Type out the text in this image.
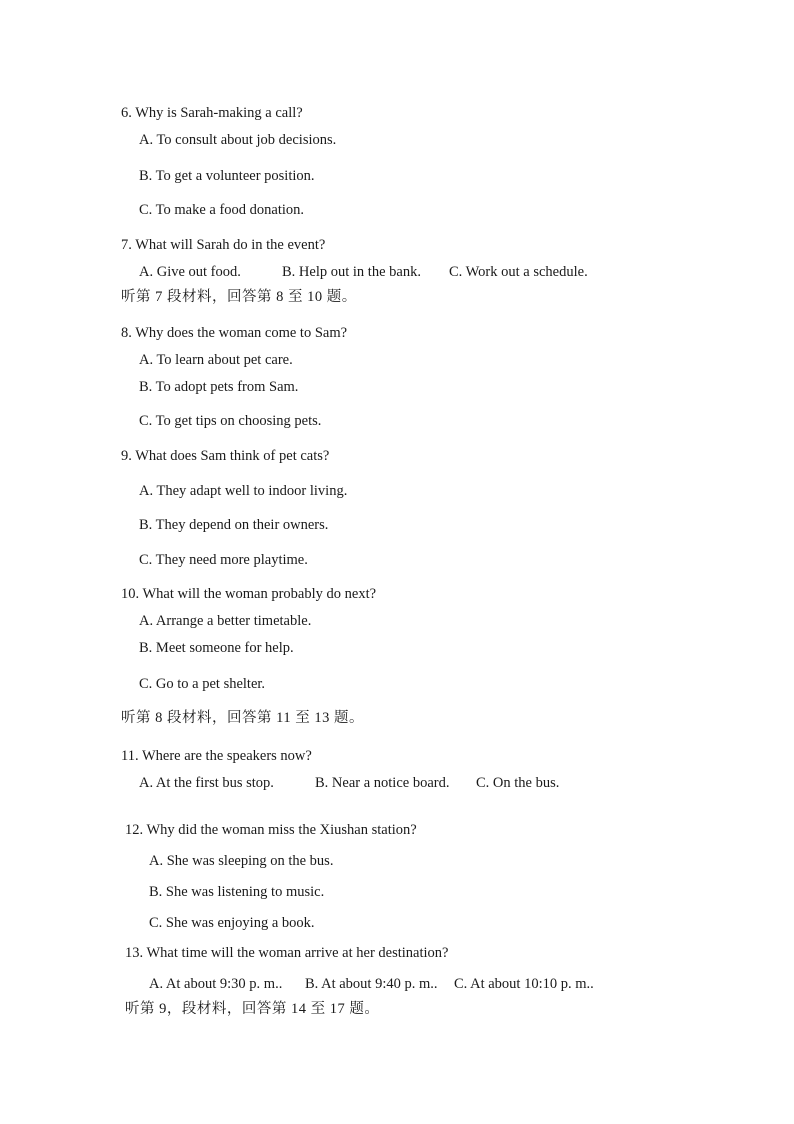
6. Why is Sarah-making a call?
A. To consult about job decisions.
B. To get a volunteer position.
C. To make a food donation.
7. What will Sarah do in the event?
A. Give out food.	B. Help out in the bank. C. Work out a schedule.
听第 7 段材料，回答第 8 至 10 题。
8. Why does the woman come to Sam?
A. To learn about pet care.
B. To adopt pets from Sam.
C. To get tips on choosing pets.
9. What does Sam think of pet cats?
A. They adapt well to indoor living.
B. They depend on their owners.
C. They need more playtime.
10. What will the woman probably do next?
A. Arrange a better timetable.
B. Meet someone for help.
C. Go to a pet shelter.
听第 8 段材料，回答第 11 至 13 题。
11. Where are the speakers now?
A. At the first bus stop.	B. Near a notice board. C. On the bus.
12. Why did the woman miss the Xiushan station?
A. She was sleeping on the bus.
B. She was listening to music.
C. She was enjoying a book.
13. What time will the woman arrive at her destination?
A. At about 9:30 p. m.. B. At about 9:40 p. m.. C. At about 10:10 p. m..
听第 9，段材料，回答第 14 至 17 题。
